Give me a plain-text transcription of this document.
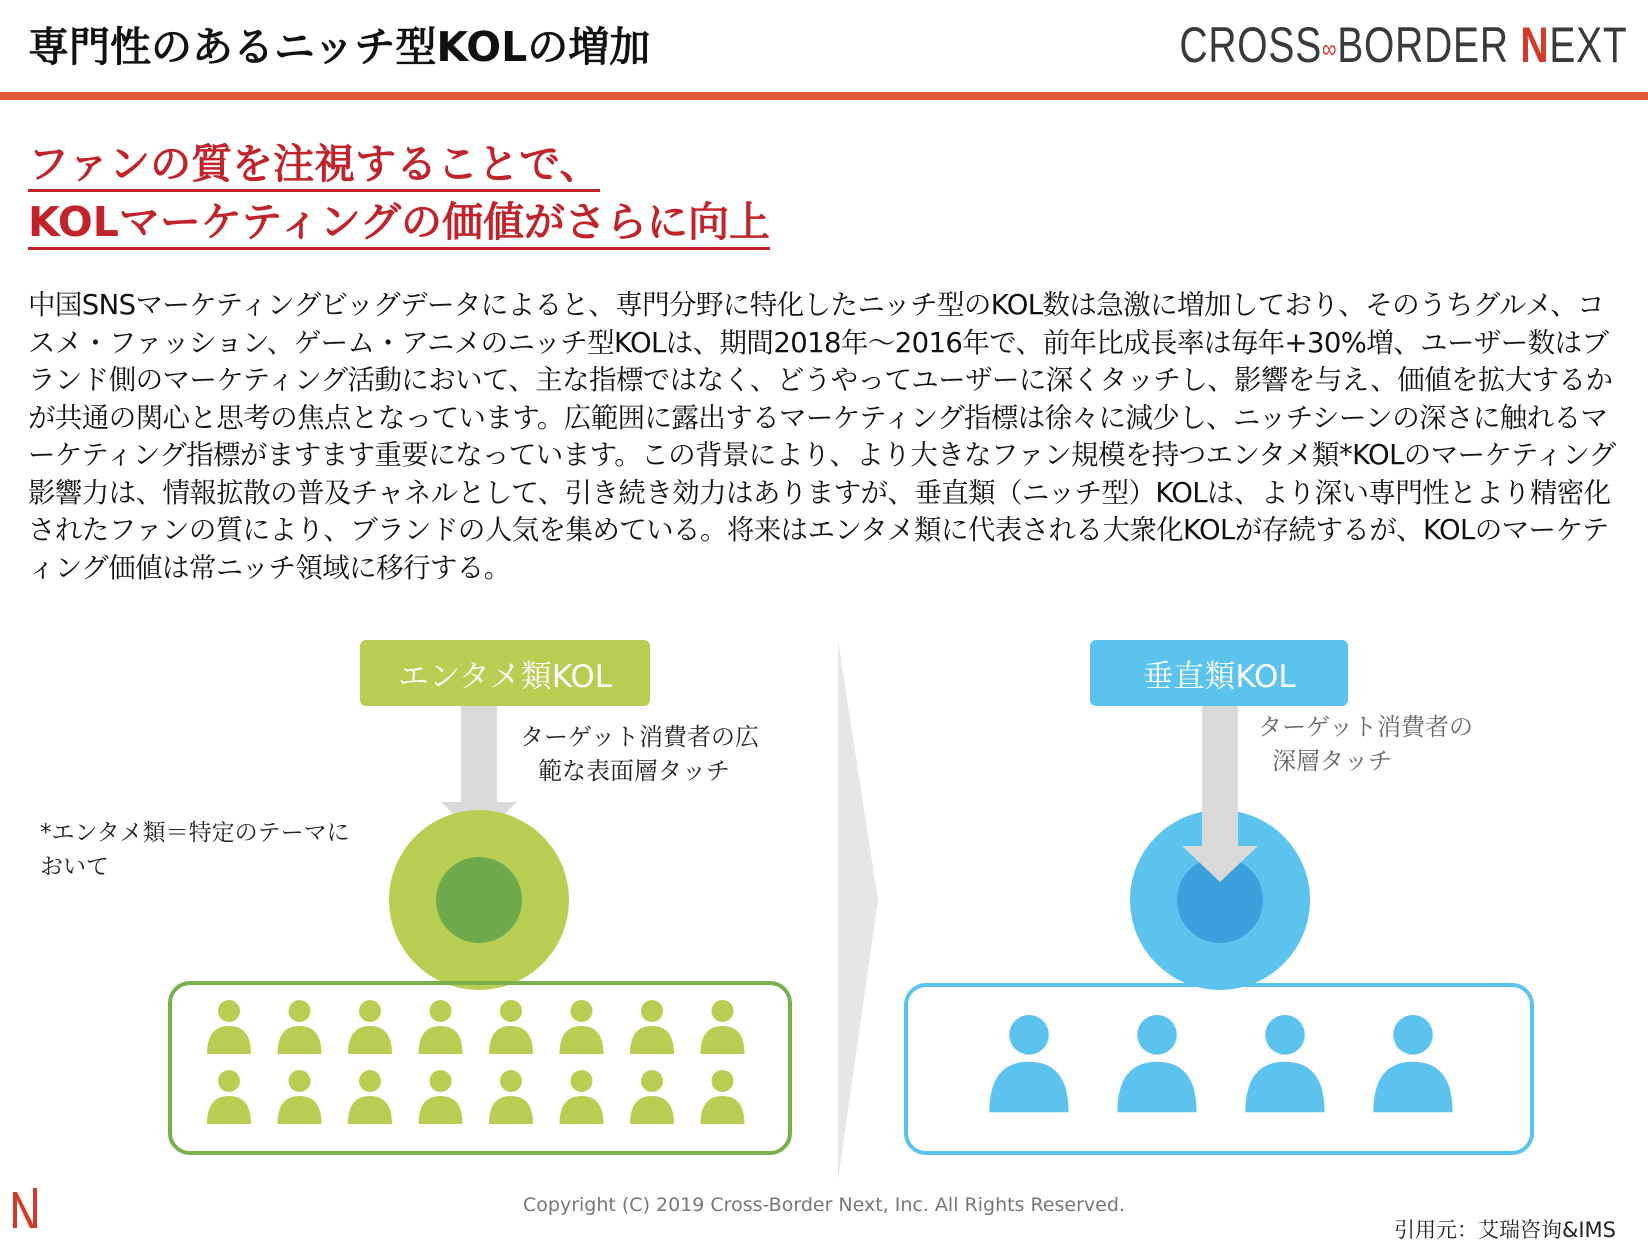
専門性のあるニッチ型KOLの増加	CROSS∞BORDER NEXT
ファンの質を注視することで、
KOLマーケティングの価値がさらに向上
中国SNSマーケティングビッグデータによると、専門分野に特化したニッチ型のKOL数は急激に増加しており、そのうちグルメ、コスメ・ファッション、ゲーム・アニメのニッチ型KOLは、期間2018年～2016年で、前年比成長率は毎年+30%増、ユーザー数はブランド側のマーケティング活動において、主な指標ではなく、どうやってユーザーに深くタッチし、影響を与え、価値を拡大するかが共通の関心と思考の焦点となっています。広範囲に露出するマーケティング指標は徐々に減少し、ニッチシーンの深さに触れるマーケティング指標がますます重要になっています。この背景により、より大きなファン規模を持つエンタメ類*KOLのマーケティング影響力は、情報拡散の普及チャネルとして、引き続き効力はありますが、垂直類（ニッチ型）KOLは、より深い専門性とより精密化されたファンの質により、ブランドの人気を集めている。将来はエンタメ類に代表される大衆化KOLが存続するが、KOLのマーケティング価値は常ニッチ領域に移行する。
エンタメ類KOL
ターゲット消費者の広
範な表面層タッチ
*エンタメ類＝特定のテーマに
おいて
垂直類KOL
ターゲット消費者の
深層タッチ
Copyright (C) 2019 Cross-Border Next, Inc. All Rights Reserved.
引用元：艾瑞咨询&IMS
